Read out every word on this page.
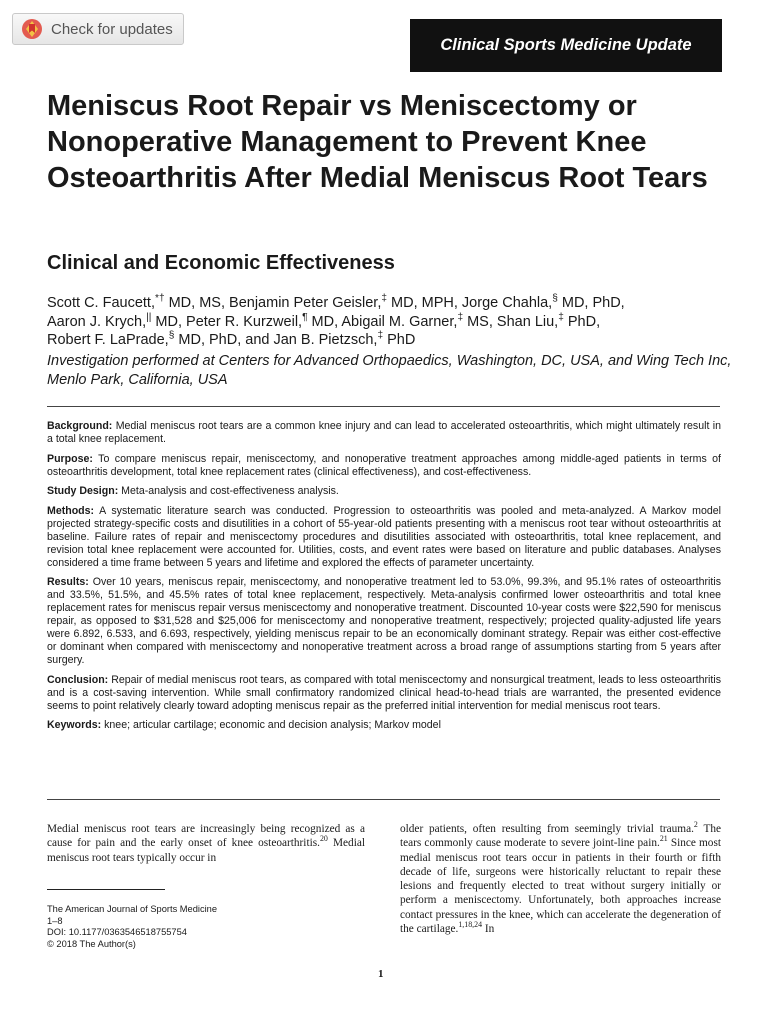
Check for updates
Clinical Sports Medicine Update
Meniscus Root Repair vs Meniscectomy or Nonoperative Management to Prevent Knee Osteoarthritis After Medial Meniscus Root Tears
Clinical and Economic Effectiveness
Scott C. Faucett,*† MD, MS, Benjamin Peter Geisler,‡ MD, MPH, Jorge Chahla,§ MD, PhD,
Aaron J. Krych,|| MD, Peter R. Kurzweil,¶ MD, Abigail M. Garner,‡ MS, Shan Liu,‡ PhD,
Robert F. LaPrade,§ MD, PhD, and Jan B. Pietzsch,‡ PhD
Investigation performed at Centers for Advanced Orthopaedics, Washington, DC, USA, and Wing Tech Inc, Menlo Park, California, USA

Background: Medial meniscus root tears are a common knee injury and can lead to accelerated osteoarthritis, which might ultimately result in a total knee replacement.

Purpose: To compare meniscus repair, meniscectomy, and nonoperative treatment approaches among middle-aged patients in terms of osteoarthritis development, total knee replacement rates (clinical effectiveness), and cost-effectiveness.

Study Design: Meta-analysis and cost-effectiveness analysis.

Methods: A systematic literature search was conducted. Progression to osteoarthritis was pooled and meta-analyzed. A Markov model projected strategy-specific costs and disutilities in a cohort of 55-year-old patients presenting with a meniscus root tear without osteoarthritis at baseline. Failure rates of repair and meniscectomy procedures and disutilities associated with osteoarthritis, total knee replacement, and revision total knee replacement were accounted for. Utilities, costs, and event rates were based on literature and public databases. Analyses considered a time frame between 5 years and lifetime and explored the effects of parameter uncertainty.

Results: Over 10 years, meniscus repair, meniscectomy, and nonoperative treatment led to 53.0%, 99.3%, and 95.1% rates of osteoarthritis and 33.5%, 51.5%, and 45.5% rates of total knee replacement, respectively. Meta-analysis confirmed lower osteoarthritis and total knee replacement rates for meniscus repair versus meniscectomy and nonoperative treatment. Discounted 10-year costs were $22,590 for meniscus repair, as opposed to $31,528 and $25,006 for meniscectomy and nonoperative treatment, respectively; projected quality-adjusted life years were 6.892, 6.533, and 6.693, respectively, yielding meniscus repair to be an economically dominant strategy. Repair was either cost-effective or dominant when compared with meniscectomy and nonoperative treatment across a broad range of assumptions starting from 5 years after surgery.

Conclusion: Repair of medial meniscus root tears, as compared with total meniscectomy and nonsurgical treatment, leads to less osteoarthritis and is a cost-saving intervention. While small confirmatory randomized clinical head-to-head trials are warranted, the presented evidence seems to point relatively clearly toward adopting meniscus repair as the preferred initial intervention for medial meniscus root tears.

Keywords: knee; articular cartilage; economic and decision analysis; Markov model

Medial meniscus root tears are increasingly being recognized as a cause for pain and the early onset of knee osteoarthritis.$^{20}$ Medial meniscus root tears typically occur in
older patients, often resulting from seemingly trivial trauma.$^2$ The tears commonly cause moderate to severe joint-line pain.$^{21}$ Since most medial meniscus root tears occur in patients in their fourth or fifth decade of life, surgeons were historically reluctant to repair these lesions and frequently elected to treat without surgery initially or perform a meniscectomy. Unfortunately, both approaches increase contact pressures in the knee, which can accelerate the degeneration of the cartilage.$^{1,18,24}$ In
The American Journal of Sports Medicine
1–8
DOI: 10.1177/0363546518755754
© 2018 The Author(s)
1
